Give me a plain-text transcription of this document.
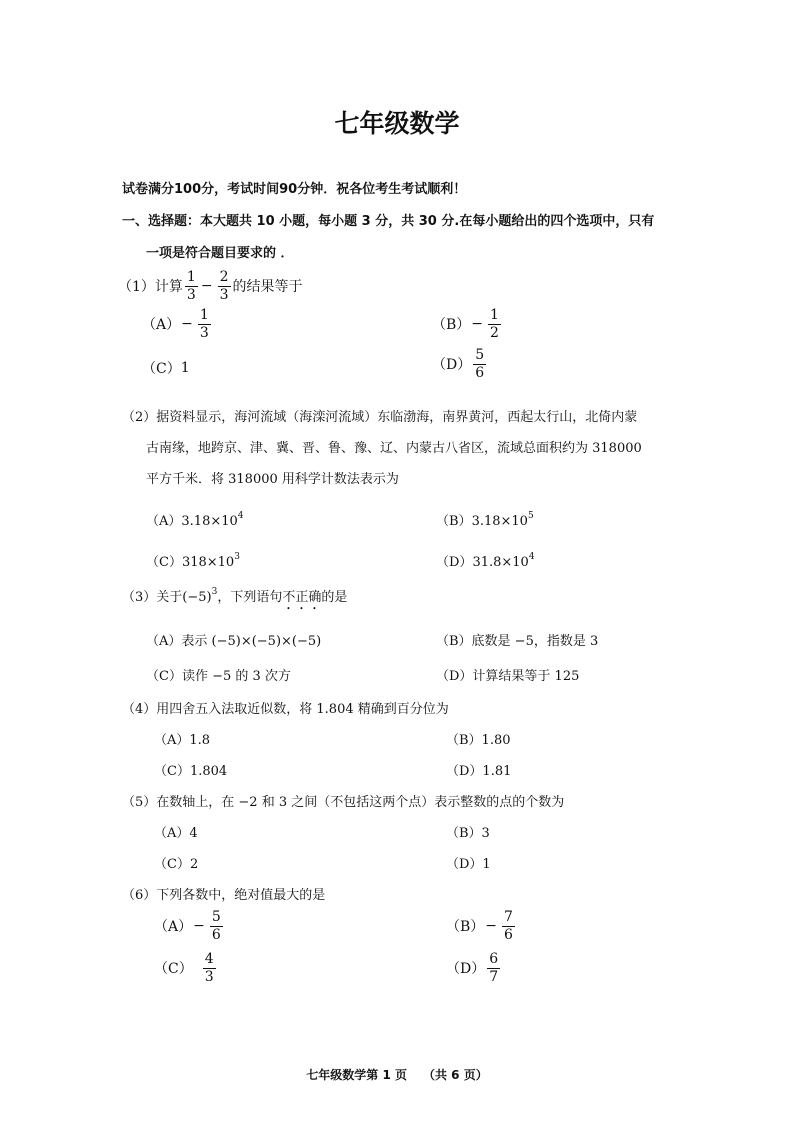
七年级数学
试卷满分100分，考试时间90分钟．祝各位考生考试顺利！
一、选择题：本大题共 10 小题，每小题 3 分，共 30 分.在每小题给出的四个选项中，只有
一项是符合题目要求的 ．
（1）计算 $\frac{1}{3} - \frac{2}{3}$ 的结果等于
$(A) - \frac{1}{3}$	$(B) - \frac{1}{2}$
（C） 1	$(D) \frac{5}{6}$
（2）据资料显示，海河流域（海滦河流域）东临渤海，南界黄河，西起太行山，北倚内蒙
古南缘，地跨京、津、冀、晋、鲁、豫、辽、内蒙古八省区，流域总面积约为 318000
平方千米．将 318000 用科学计数法表示为
$(A)3.18\times 10^4$	$(B)3.18\times 10^5$
$(C)318\times 10^3$	$(D)31.8\times 10^4$
（3）关于$(-5)^3$，下列语句不正确的是
（A）表示 (−5)×(−5)×(−5)	（B）底数是 −5，指数是 3
（C）读作 −5 的 3 次方	（D）计算结果等于 125
（4）用四舍五入法取近似数，将 1.804 精确到百分位为
（A）1.8	（B）1.80
（C）1.804	（D）1.81
（5）在数轴上，在 −2 和 3 之间（不包括这两个点）表示整数的点的个数为
（A）4	（B）3
（C）2	（D）1
（6）下列各数中，绝对值最大的是
$(A) - \frac{5}{6}$	$(B) - \frac{7}{6}$
$(C) \frac{4}{3}$	$(D) \frac{6}{7}$
七年级数学第 1 页 （共 6 页）
